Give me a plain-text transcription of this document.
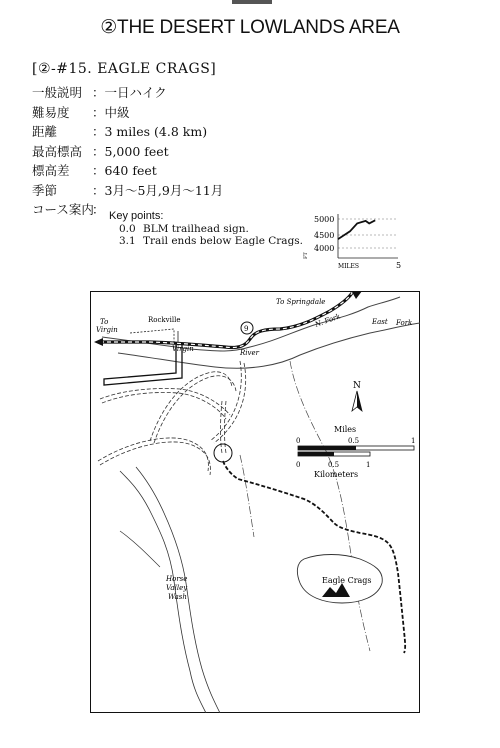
②THE DESERT LOWLANDS AREA
[②-#15. EAGLE CRAGS]
一般説明 ：一日ハイク
難易度	：中級
距離	：3 miles (4.8 km)
最高標高 ：5,000 feet
標高差	：640 feet
季節	：3月～5月,9月～11月
コース案内
： Key points:
0.0 BLM trailhead sign.
3.1 Trail ends below Eagle Crags.
5000
4500
4000
FT
MILES	5
9
Eagle Crags
To Springdale
To
Virgin
Rockville	N. Fork	East Fork
Virgin	River
N
Miles
0	0.5	1
0	0.5	1
Kilometers
Horse
Valley
Wash
